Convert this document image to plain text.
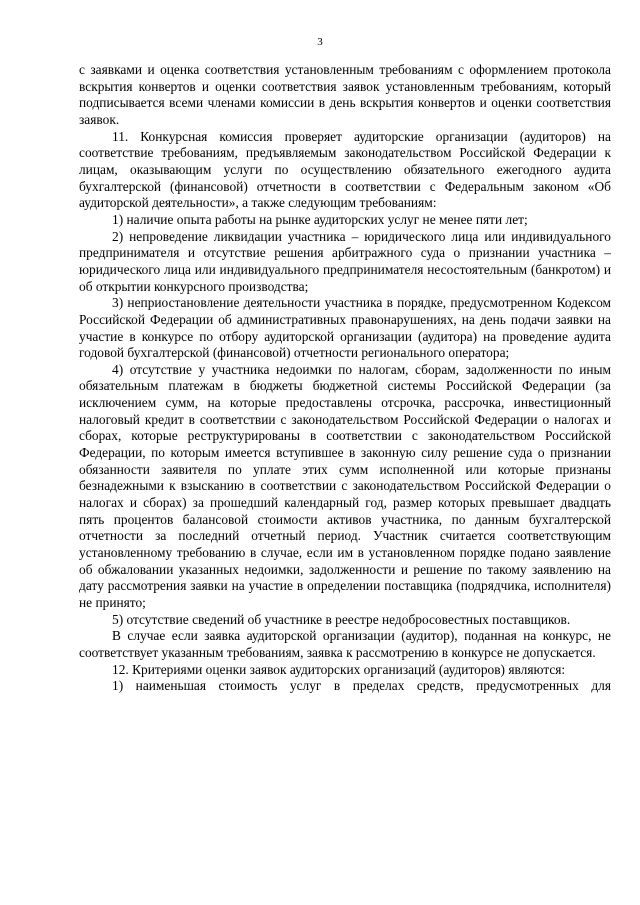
3

с заявками и оценка соответствия установленным требованиям с оформлением протокола вскрытия конвертов и оценки соответствия заявок установленным требованиям, который подписывается всеми членами комиссии в день вскрытия конвертов и оценки соответствия заявок.

11. Конкурсная комиссия проверяет аудиторские организации (аудиторов) на соответствие требованиям, предъявляемым законодательством Российской Федерации к лицам, оказывающим услуги по осуществлению обязательного ежегодного аудита бухгалтерской (финансовой) отчетности в соответствии с Федеральным законом «Об аудиторской деятельности», а также следующим требованиям:

1) наличие опыта работы на рынке аудиторских услуг не менее пяти лет;

2) непроведение ликвидации участника – юридического лица или индивидуального предпринимателя и отсутствие решения арбитражного суда о признании участника – юридического лица или индивидуального предпринимателя несостоятельным (банкротом) и об открытии конкурсного производства;

3) неприостановление деятельности участника в порядке, предусмотренном Кодексом Российской Федерации об административных правонарушениях, на день подачи заявки на участие в конкурсе по отбору аудиторской организации (аудитора) на проведение аудита годовой бухгалтерской (финансовой) отчетности регионального оператора;

4) отсутствие у участника недоимки по налогам, сборам, задолженности по иным обязательным платежам в бюджеты бюджетной системы Российской Федерации (за исключением сумм, на которые предоставлены отсрочка, рассрочка, инвестиционный налоговый кредит в соответствии с законодательством Российской Федерации о налогах и сборах, которые реструктурированы в соответствии с законодательством Российской Федерации, по которым имеется вступившее в законную силу решение суда о признании обязанности заявителя по уплате этих сумм исполненной или которые признаны безнадежными к взысканию в соответствии с законодательством Российской Федерации о налогах и сборах) за прошедший календарный год, размер которых превышает двадцать пять процентов балансовой стоимости активов участника, по данным бухгалтерской отчетности за последний отчетный период. Участник считается соответствующим установленному требованию в случае, если им в установленном порядке подано заявление об обжаловании указанных недоимки, задолженности и решение по такому заявлению на дату рассмотрения заявки на участие в определении поставщика (подрядчика, исполнителя) не принято;

5) отсутствие сведений об участнике в реестре недобросовестных поставщиков.

В случае если заявка аудиторской организации (аудитор), поданная на конкурс, не соответствует указанным требованиям, заявка к рассмотрению в конкурсе не допускается.

12. Критериями оценки заявок аудиторских организаций (аудиторов) являются:

1) наименьшая стоимость услуг в пределах средств, предусмотренных для
